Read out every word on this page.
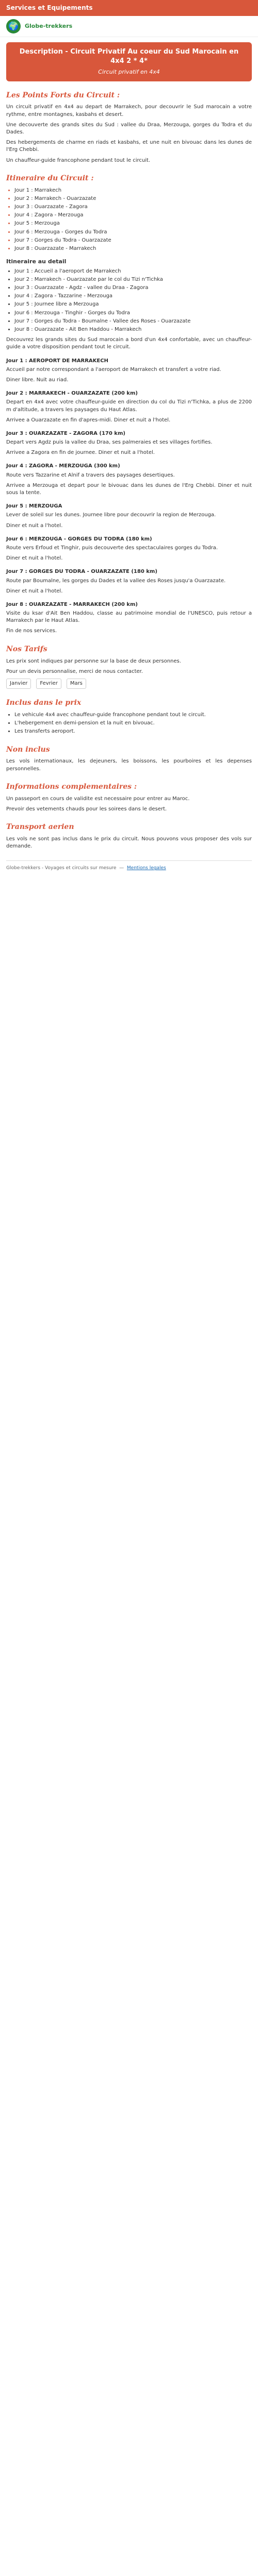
Services et Equipements
🌍	Globe-trekkers
Description - Circuit Privatif Au coeur du Sud Marocain en 4x4 2 * 4*
Circuit privatif en 4x4
Les Points Forts du Circuit :

Un circuit privatif en 4x4 au depart de Marrakech, pour decouvrir le Sud marocain a votre rythme, entre montagnes, kasbahs et desert.

Une decouverte des grands sites du Sud : vallee du Draa, Merzouga, gorges du Todra et du Dades.

Des hebergements de charme en riads et kasbahs, et une nuit en bivouac dans les dunes de l'Erg Chebbi.

Un chauffeur-guide francophone pendant tout le circuit.

Itineraire du Circuit :
• Jour 1 : Marrakech
• Jour 2 : Marrakech - Ouarzazate
• Jour 3 : Ouarzazate - Zagora
• Jour 4 : Zagora - Merzouga
• Jour 5 : Merzouga
• Jour 6 : Merzouga - Gorges du Todra
• Jour 7 : Gorges du Todra - Ouarzazate
• Jour 8 : Ouarzazate - Marrakech
Itineraire au detail
• Jour 1 : Accueil a l'aeroport de Marrakech
• Jour 2 : Marrakech - Ouarzazate par le col du Tizi n'Tichka
• Jour 3 : Ouarzazate - Agdz - vallee du Draa - Zagora
• Jour 4 : Zagora - Tazzarine - Merzouga
• Jour 5 : Journee libre a Merzouga
• Jour 6 : Merzouga - Tinghir - Gorges du Todra
• Jour 7 : Gorges du Todra - Boumalne - Vallee des Roses - Ouarzazate
• Jour 8 : Ouarzazate - Ait Ben Haddou - Marrakech

Decouvrez les grands sites du Sud marocain a bord d'un 4x4 confortable, avec un chauffeur-guide a votre disposition pendant tout le circuit.

Jour 1 : AEROPORT DE MARRAKECH

Accueil par notre correspondant a l'aeroport de Marrakech et transfert a votre riad.

Diner libre. Nuit au riad.

Jour 2 : MARRAKECH - OUARZAZATE (200 km)

Depart en 4x4 avec votre chauffeur-guide en direction du col du Tizi n'Tichka, a plus de 2200 m d'altitude, a travers les paysages du Haut Atlas.

Arrivee a Ouarzazate en fin d'apres-midi. Diner et nuit a l'hotel.

Jour 3 : OUARZAZATE - ZAGORA (170 km)

Depart vers Agdz puis la vallee du Draa, ses palmeraies et ses villages fortifies.

Arrivee a Zagora en fin de journee. Diner et nuit a l'hotel.

Jour 4 : ZAGORA - MERZOUGA (300 km)

Route vers Tazzarine et Alnif a travers des paysages desertiques.

Arrivee a Merzouga et depart pour le bivouac dans les dunes de l'Erg Chebbi. Diner et nuit sous la tente.

Jour 5 : MERZOUGA

Lever de soleil sur les dunes. Journee libre pour decouvrir la region de Merzouga.

Diner et nuit a l'hotel.

Jour 6 : MERZOUGA - GORGES DU TODRA (180 km)

Route vers Erfoud et Tinghir, puis decouverte des spectaculaires gorges du Todra.

Diner et nuit a l'hotel.

Jour 7 : GORGES DU TODRA - OUARZAZATE (180 km)

Route par Boumalne, les gorges du Dades et la vallee des Roses jusqu'a Ouarzazate.

Diner et nuit a l'hotel.

Jour 8 : OUARZAZATE - MARRAKECH (200 km)

Visite du ksar d'Ait Ben Haddou, classe au patrimoine mondial de l'UNESCO, puis retour a Marrakech par le Haut Atlas.

Fin de nos services.

Nos Tarifs

Les prix sont indiques par personne sur la base de deux personnes.

Pour un devis personnalise, merci de nous contacter.

Janvier	Fevrier	Mars
Inclus dans le prix
• Le vehicule 4x4 avec chauffeur-guide francophone pendant tout le circuit.
• L'hebergement en demi-pension et la nuit en bivouac.
• Les transferts aeroport.
Non inclus

Les vols internationaux, les dejeuners, les boissons, les pourboires et les depenses personnelles.

Informations complementaires :

Un passeport en cours de validite est necessaire pour entrer au Maroc.

Prevoir des vetements chauds pour les soirees dans le desert.

Transport aerien

Les vols ne sont pas inclus dans le prix du circuit. Nous pouvons vous proposer des vols sur demande.

Globe-trekkers - Voyages et circuits sur mesure  —  Mentions legales
